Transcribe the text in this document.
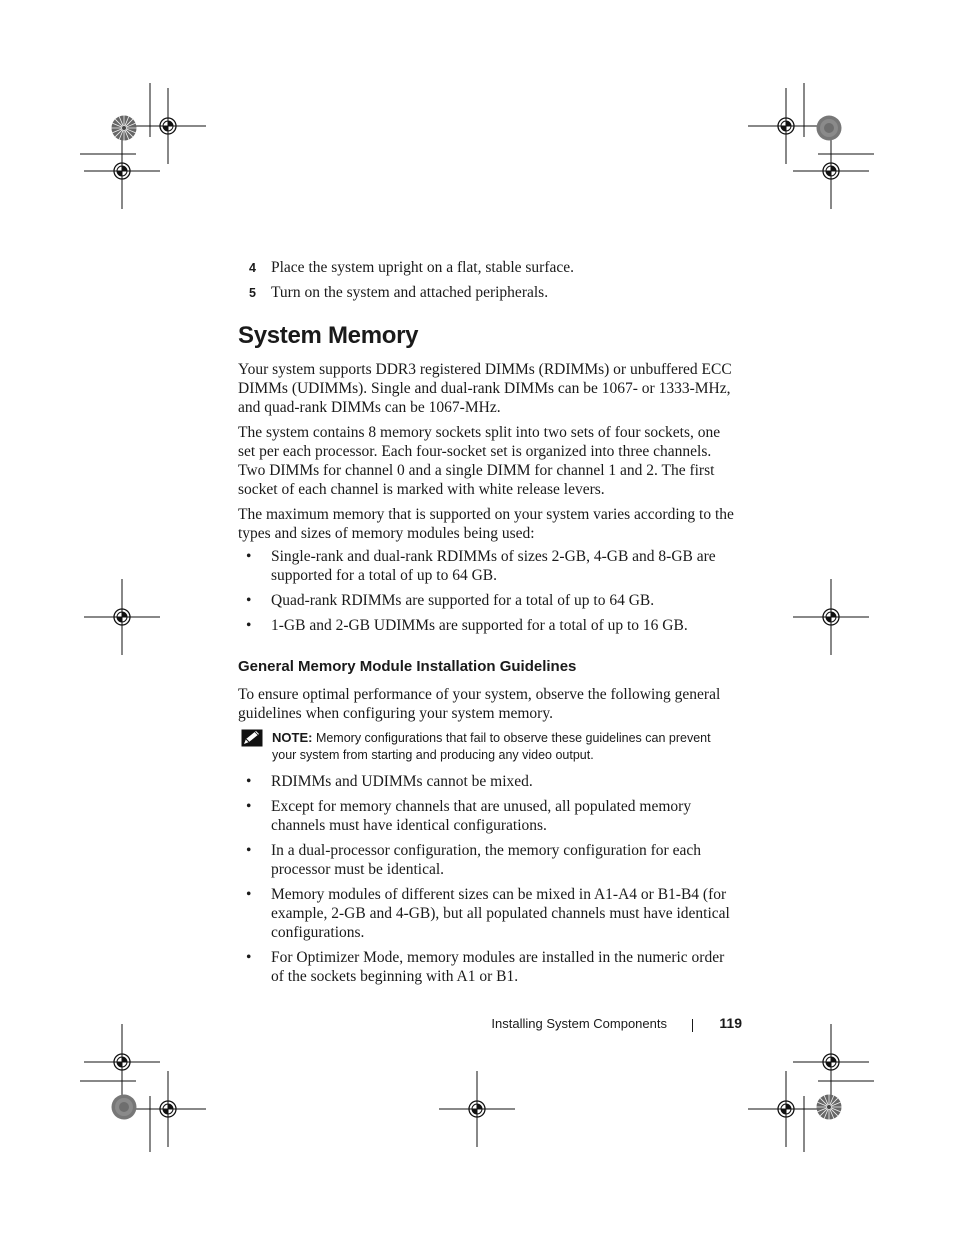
4 Place the system upright on a flat, stable surface.

5 Turn on the system and attached peripherals.

System Memory

Your system supports DDR3 registered DIMMs (RDIMMs) or unbuffered ECC DIMMs (UDIMMs). Single and dual-rank DIMMs can be 1067- or 1333-MHz, and quad-rank DIMMs can be 1067-MHz.

The system contains 8 memory sockets split into two sets of four sockets, one set per each processor. Each four-socket set is organized into three channels. Two DIMMs for channel 0 and a single DIMM for channel 1 and 2. The first socket of each channel is marked with white release levers.

The maximum memory that is supported on your system varies according to the types and sizes of memory modules being used:

• Single-rank and dual-rank RDIMMs of sizes 2-GB, 4-GB and 8-GB are supported for a total of up to 64 GB.
• Quad-rank RDIMMs are supported for a total of up to 64 GB.
• 1-GB and 2-GB UDIMMs are supported for a total of up to 16 GB.
General Memory Module Installation Guidelines

To ensure optimal performance of your system, observe the following general guidelines when configuring your system memory.

NOTE: Memory configurations that fail to observe these guidelines can prevent your system from starting and producing any video output.
• RDIMMs and UDIMMs cannot be mixed.
• Except for memory channels that are unused, all populated memory channels must have identical configurations.
• In a dual-processor configuration, the memory configuration for each processor must be identical.
• Memory modules of different sizes can be mixed in A1-A4 or B1-B4 (for example, 2-GB and 4-GB), but all populated channels must have identical configurations.
• For Optimizer Mode, memory modules are installed in the numeric order of the sockets beginning with A1 or B1.
Installing System Components	119
